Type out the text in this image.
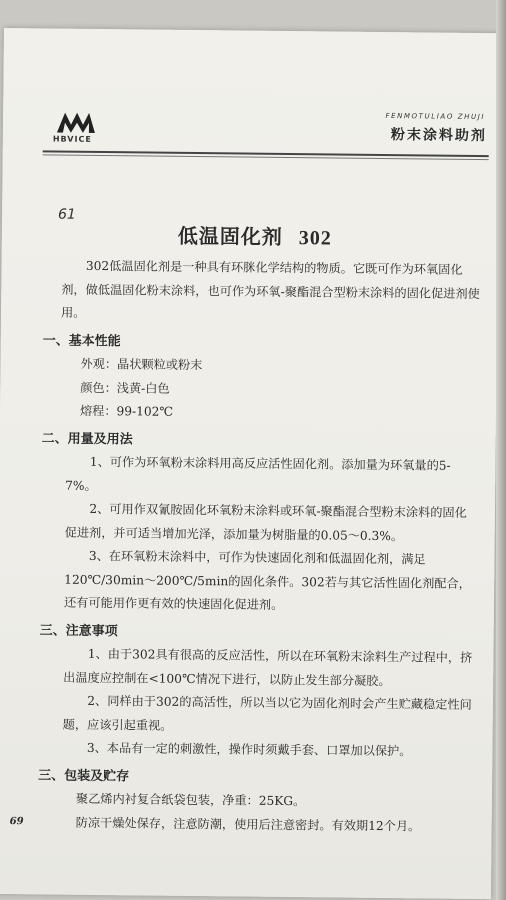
HBVICE
FENMOTULIAO ZHUJI
粉末涂料助剂
61
低温固化剂 302

302低温固化剂是一种具有环脒化学结构的物质。它既可作为环氧固化剂，做低温固化粉末涂料，也可作为环氧-聚酯混合型粉末涂料的固化促进剂使用。

一、基本性能

外观：晶状颗粒或粉末

颜色：浅黄-白色

熔程：99-102℃

二、用量及用法

1、可作为环氧粉末涂料用高反应活性固化剂。添加量为环氧量的5-7%。

2、可用作双氰胺固化环氧粉末涂料或环氧-聚酯混合型粉末涂料的固化促进剂，并可适当增加光泽，添加量为树脂量的0.05～0.3%。

3、在环氧粉末涂料中，可作为快速固化剂和低温固化剂，满足120℃/30min～200℃/5min的固化条件。302若与其它活性固化剂配合，还有可能用作更有效的快速固化促进剂。

三、注意事项

1、由于302具有很高的反应活性，所以在环氧粉末涂料生产过程中，挤出温度应控制在<100℃情况下进行，以防止发生部分凝胶。

2、同样由于302的高活性，所以当以它为固化剂时会产生贮藏稳定性问题，应该引起重视。

3、本品有一定的刺激性，操作时须戴手套、口罩加以保护。

三、包装及贮存

聚乙烯内衬复合纸袋包装，净重：25KG。

防凉干燥处保存，注意防潮，使用后注意密封。有效期12个月。

69
